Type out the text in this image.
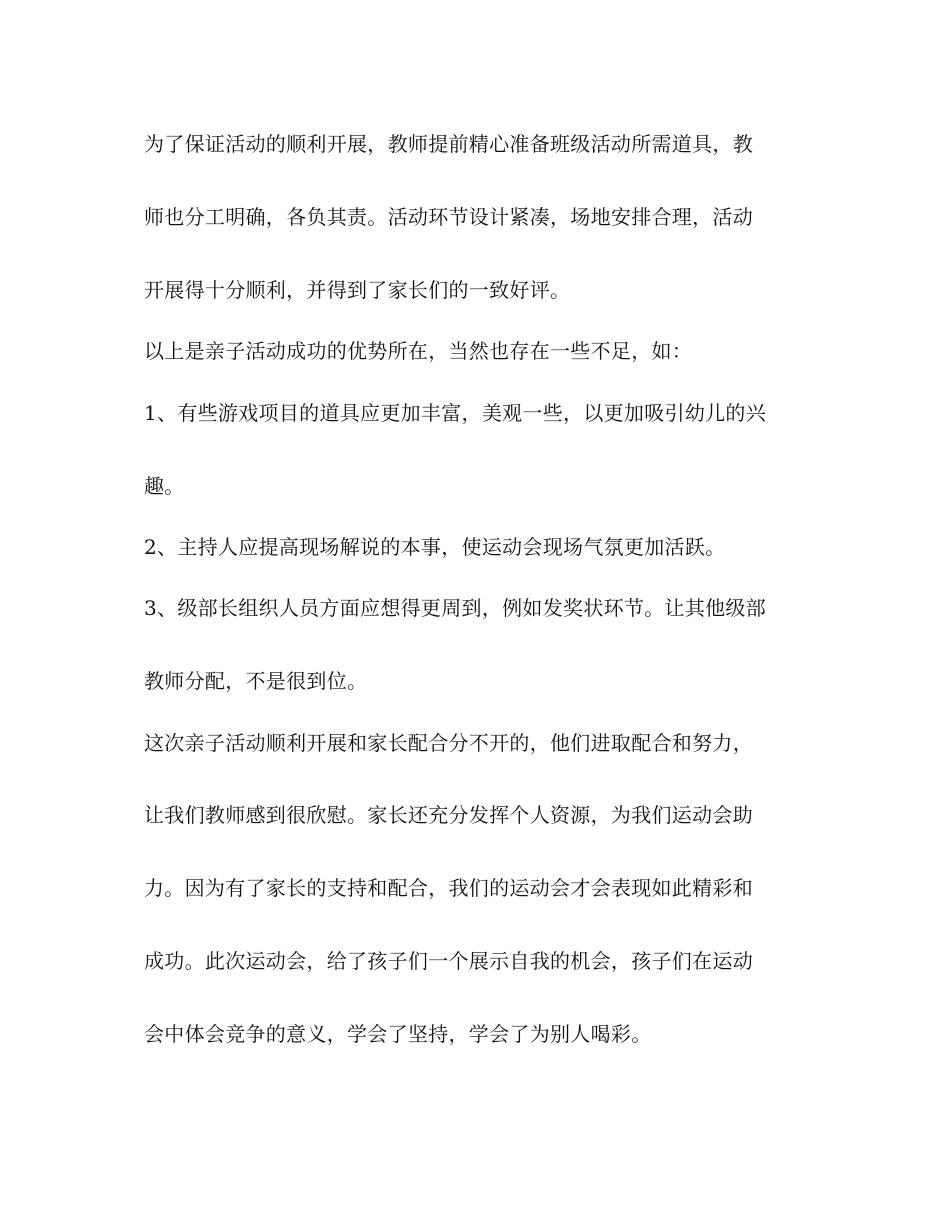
为了保证活动的顺利开展，教师提前精心准备班级活动所需道具，教
师也分工明确，各负其责。活动环节设计紧凑，场地安排合理，活动
开展得十分顺利，并得到了家长们的一致好评。
以上是亲子活动成功的优势所在，当然也存在一些不足，如：
1、有些游戏项目的道具应更加丰富，美观一些，以更加吸引幼儿的兴
趣。
2、主持人应提高现场解说的本事，使运动会现场气氛更加活跃。
3、级部长组织人员方面应想得更周到，例如发奖状环节。让其他级部
教师分配，不是很到位。
这次亲子活动顺利开展和家长配合分不开的，他们进取配合和努力，
让我们教师感到很欣慰。家长还充分发挥个人资源，为我们运动会助
力。因为有了家长的支持和配合，我们的运动会才会表现如此精彩和
成功。此次运动会，给了孩子们一个展示自我的机会，孩子们在运动
会中体会竞争的意义，学会了坚持，学会了为别人喝彩。
